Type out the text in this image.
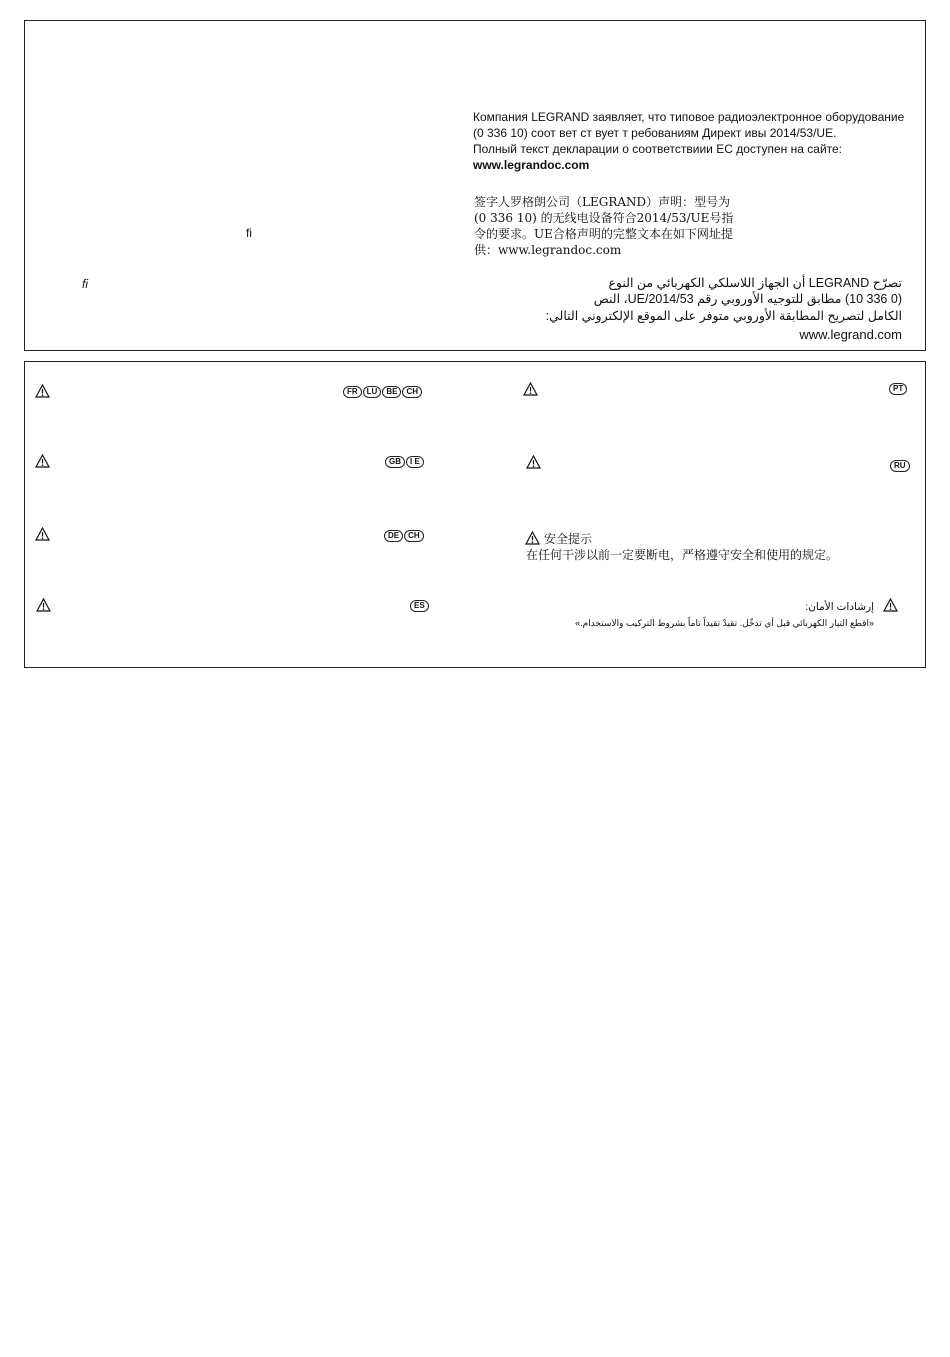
Компания LEGRAND заявляет, что типовое радиоэлектронное оборудование
(0 336 10) соот вет ст вует т ребованиям Директ ивы 2014/53/UE.
Полный текст декларации о соответствиии ЕС доступен на сайте:
www.legrandoc.com
签字人罗格朗公司（LEGRAND）声明：型号为
(0 336 10) 的无线电设备符合2014/53/UE号指
令的要求。UE合格声明的完整文本在如下网址提
供：www.legrandoc.com
تصرّح LEGRAND أن الجهاز اللاسلكي الكهربائي من النوع
(0 336 10) مطابق للتوجيه الأوروبي رقم 2014/53/UE، النص
الكامل لتصريح المطابقة الأوروبي متوفر على الموقع الإلكتروني التالي:
www.legrand.com
ﬁ
ﬁ
FR	LU	BE	CH
GB	I E
DE	CH
ES
PT
RU
安全提示
在任何干涉以前一定要断电，严格遵守安全和使用的规定。
إرشادات الأمان:
«اقطع التيار الكهربائي قبل أي تدخّل. تقيدْ تقيداً تاماً بشروط التركيب والاستخدام.»
